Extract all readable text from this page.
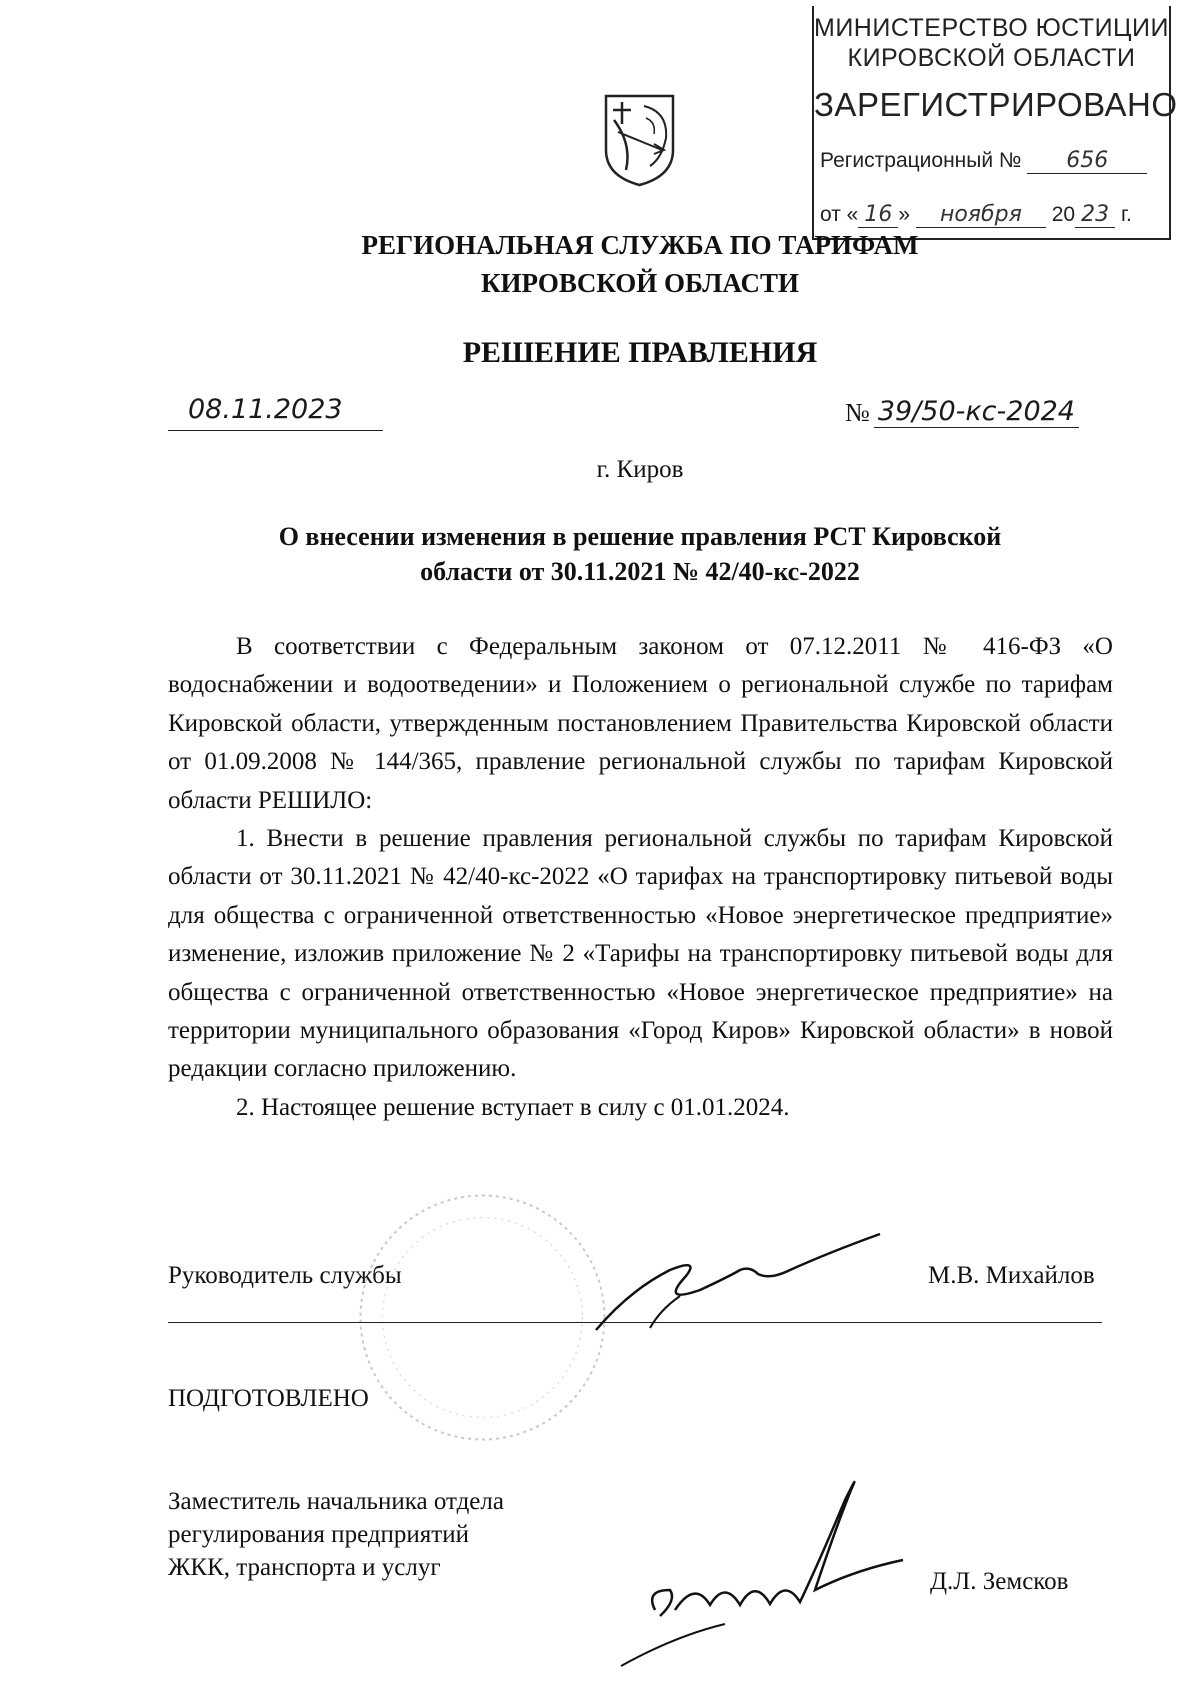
МИНИСТЕРСТВО ЮСТИЦИИ
КИРОВСКОЙ ОБЛАСТИ
ЗАРЕГИСТРИРОВАНО
Регистрационный № 656
от « 16 » ноября 20 23 г.
РЕГИОНАЛЬНАЯ СЛУЖБА ПО ТАРИФАМ
КИРОВСКОЙ ОБЛАСТИ
РЕШЕНИЕ ПРАВЛЕНИЯ
08.11.2023	№ 39/50-кс-2024
г. Киров
О внесении изменения в решение правления РСТ Кировской
области от 30.11.2021 № 42/40-кс-2022

В соответствии с Федеральным законом от 07.12.2011 № 416-ФЗ «О водоснабжении и водоотведении» и Положением о региональной службе по тарифам Кировской области, утвержденным постановлением Правительства Кировской области от 01.09.2008 № 144/365, правление региональной службы по тарифам Кировской области РЕШИЛО:

1. Внести в решение правления региональной службы по тарифам Кировской области от 30.11.2021 № 42/40-кс-2022 «О тарифах на транспортировку питьевой воды для общества с ограниченной ответственностью «Новое энергетическое предприятие» изменение, изложив приложение № 2 «Тарифы на транспортировку питьевой воды для общества с ограниченной ответственностью «Новое энергетическое предприятие» на территории муниципального образования «Город Киров» Кировской области» в новой редакции согласно приложению.

2. Настоящее решение вступает в силу с 01.01.2024.

Руководитель службы	М.В. Михайлов
ПОДГОТОВЛЕНО
Заместитель начальника отдела
регулирования предприятий
ЖКК, транспорта и услуг
Д.Л. Земсков
